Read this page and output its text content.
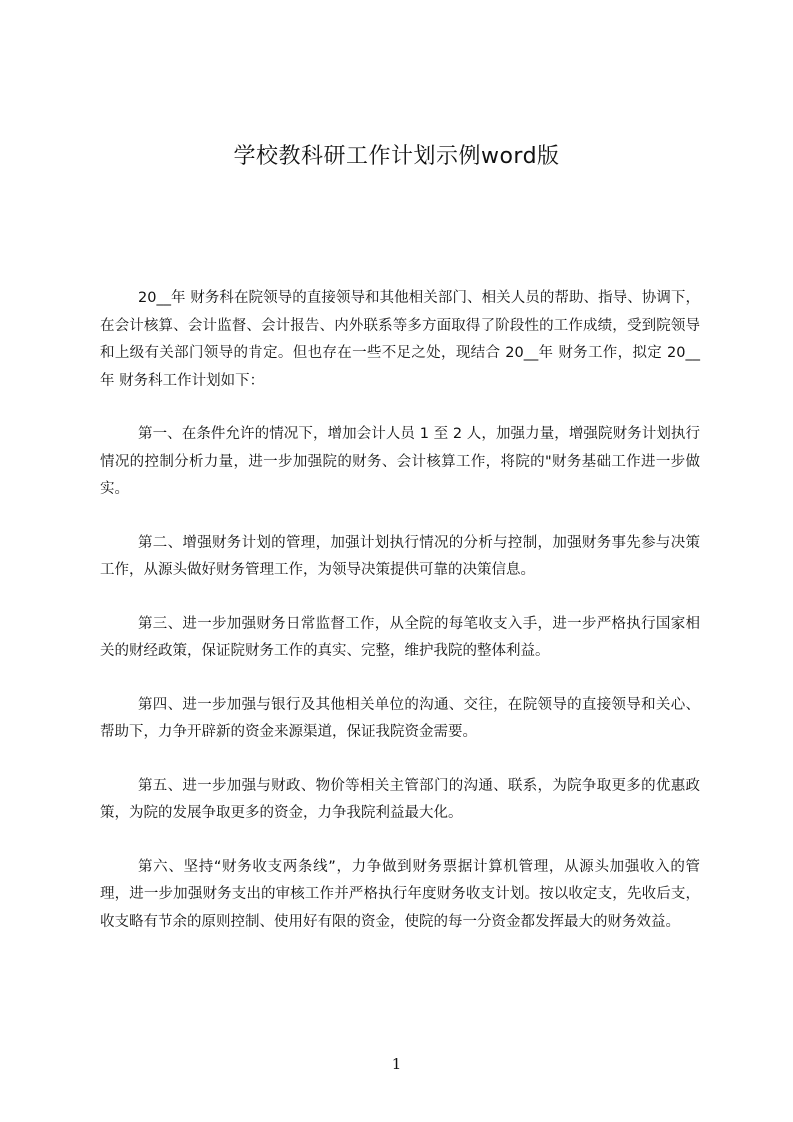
学校教科研工作计划示例word版

20__年 财务科在院领导的直接领导和其他相关部门、相关人员的帮助、指导、协调下，在会计核算、会计监督、会计报告、内外联系等多方面取得了阶段性的工作成绩，受到院领导和上级有关部门领导的肯定。但也存在一些不足之处，现结合 20__年 财务工作，拟定 20__年 财务科工作计划如下：

第一、在条件允许的情况下，增加会计人员 1 至 2 人，加强力量，增强院财务计划执行情况的控制分析力量，进一步加强院的财务、会计核算工作，将院的"财务基础工作进一步做实。

第二、增强财务计划的管理，加强计划执行情况的分析与控制，加强财务事先参与决策工作，从源头做好财务管理工作，为领导决策提供可靠的决策信息。

第三、进一步加强财务日常监督工作，从全院的每笔收支入手，进一步严格执行国家相关的财经政策，保证院财务工作的真实、完整，维护我院的整体利益。

第四、进一步加强与银行及其他相关单位的沟通、交往，在院领导的直接领导和关心、帮助下，力争开辟新的资金来源渠道，保证我院资金需要。

第五、进一步加强与财政、物价等相关主管部门的沟通、联系，为院争取更多的优惠政策，为院的发展争取更多的资金，力争我院利益最大化。

第六、坚持“财务收支两条线”，力争做到财务票据计算机管理，从源头加强收入的管理，进一步加强财务支出的审核工作并严格执行年度财务收支计划。按以收定支，先收后支，收支略有节余的原则控制、使用好有限的资金，使院的每一分资金都发挥最大的财务效益。

1
